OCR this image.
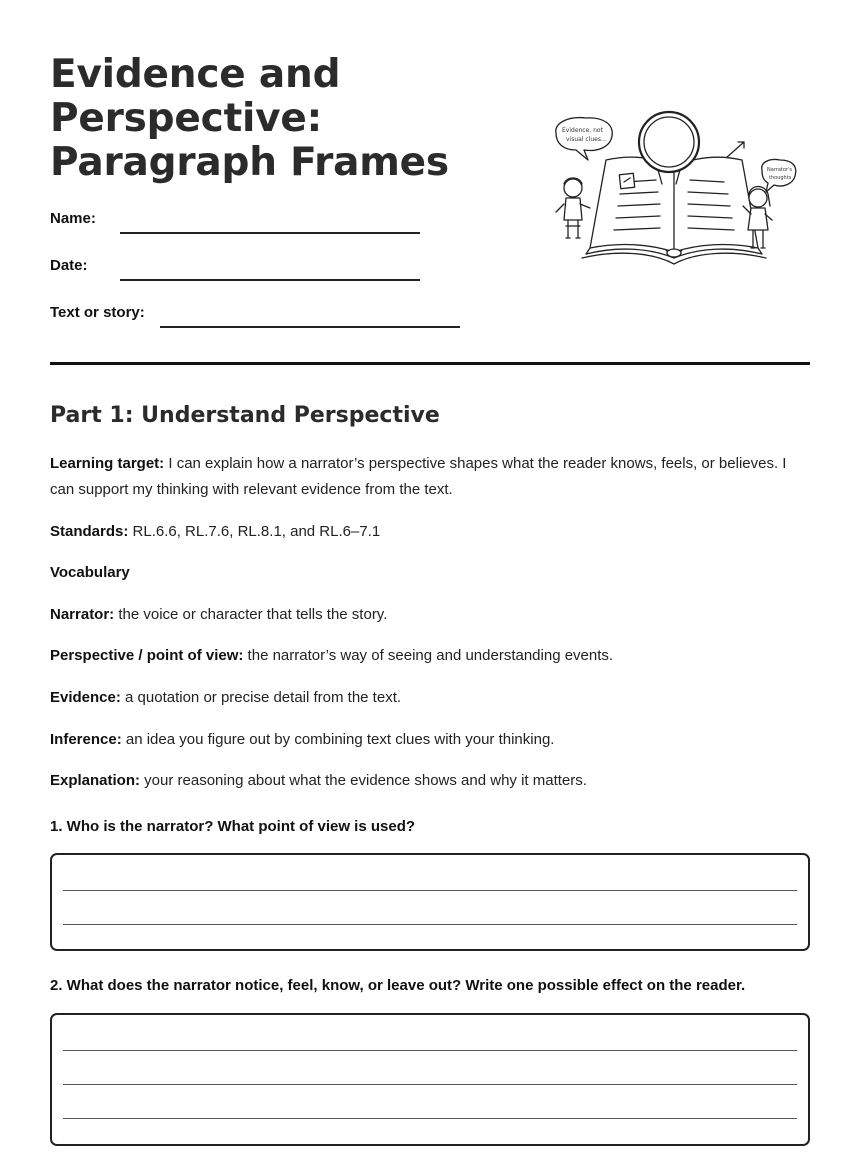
Evidence and Perspective: Paragraph Frames
Name:
Date:
Text or story:
Evidence, not
visual clues…
Narrator's
thoughts
Part 1: Understand Perspective

Learning target: I can explain how a narrator’s perspective shapes what the reader knows, feels, or believes. I can support my thinking with relevant evidence from the text.

Standards: RL.6.6, RL.7.6, RL.8.1, and RL.6–7.1

Vocabulary

Narrator: the voice or character that tells the story.

Perspective / point of view: the narrator’s way of seeing and understanding events.

Evidence: a quotation or precise detail from the text.

Inference: an idea you figure out by combining text clues with your thinking.

Explanation: your reasoning about what the evidence shows and why it matters.

1. Who is the narrator? What point of view is used?

2. What does the narrator notice, feel, know, or leave out? Write one possible effect on the reader.
